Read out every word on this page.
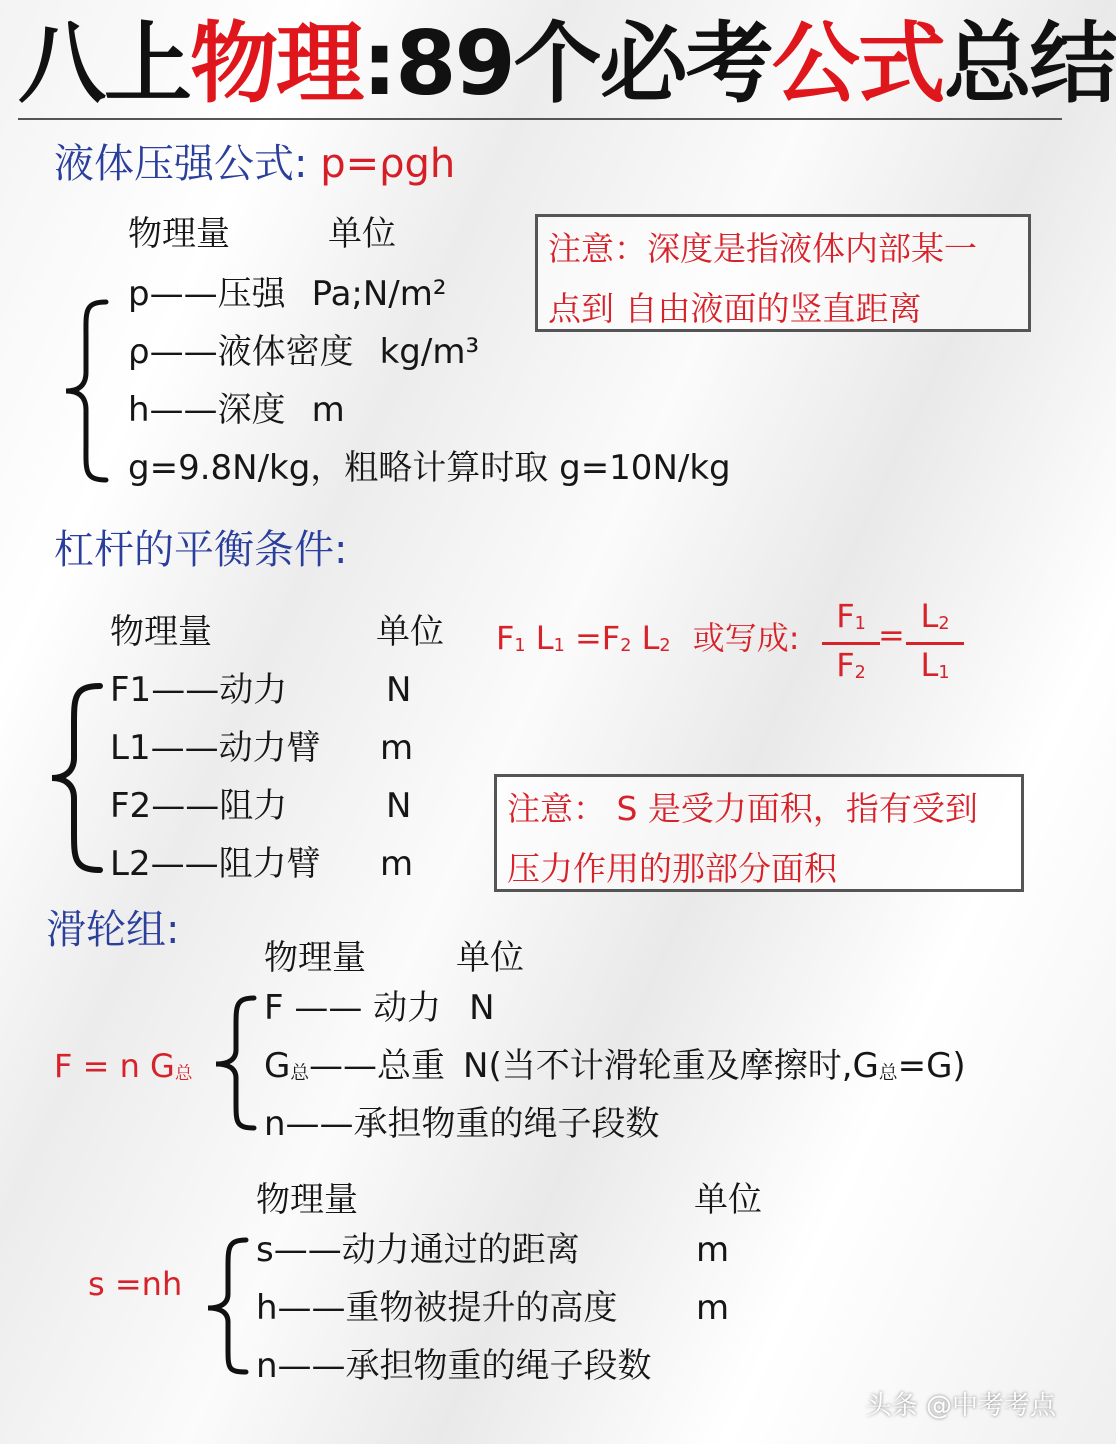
八上物理:89个必考公式总结
液体压强公式: p=ρgh
物理量	单位
p——压强 Pa;N/m²
ρ——液体密度 kg/m³
h——深度 m
g=9.8N/kg，粗略计算时取 g=10N/kg
注意：深度是指液体内部某一
点到 自由液面的竖直距离
杠杆的平衡条件:
物理量	单位 $F_1$ $L_1 =F_2$ $L_2$ 或写成: $\frac{F_1}{F_2}$
= $\frac{L_2}{L_1}$
F1——动力	N
L1——动力臂 m
F2——阻力	N
L2——阻力臂 m
注意： S 是受力面积，指有受到
压力作用的那部分面积
滑轮组:
物理量	单位
F = n $G_总$
F —— 动力 N
$G_总——$总重 N(当不计滑轮重及摩擦时$,G_总=G$)
n——承担物重的绳子段数
物理量	单位
s =nh
s——动力通过的距离	m
h——重物被提升的高度 m
n——承担物重的绳子段数
头条 @中考考点
